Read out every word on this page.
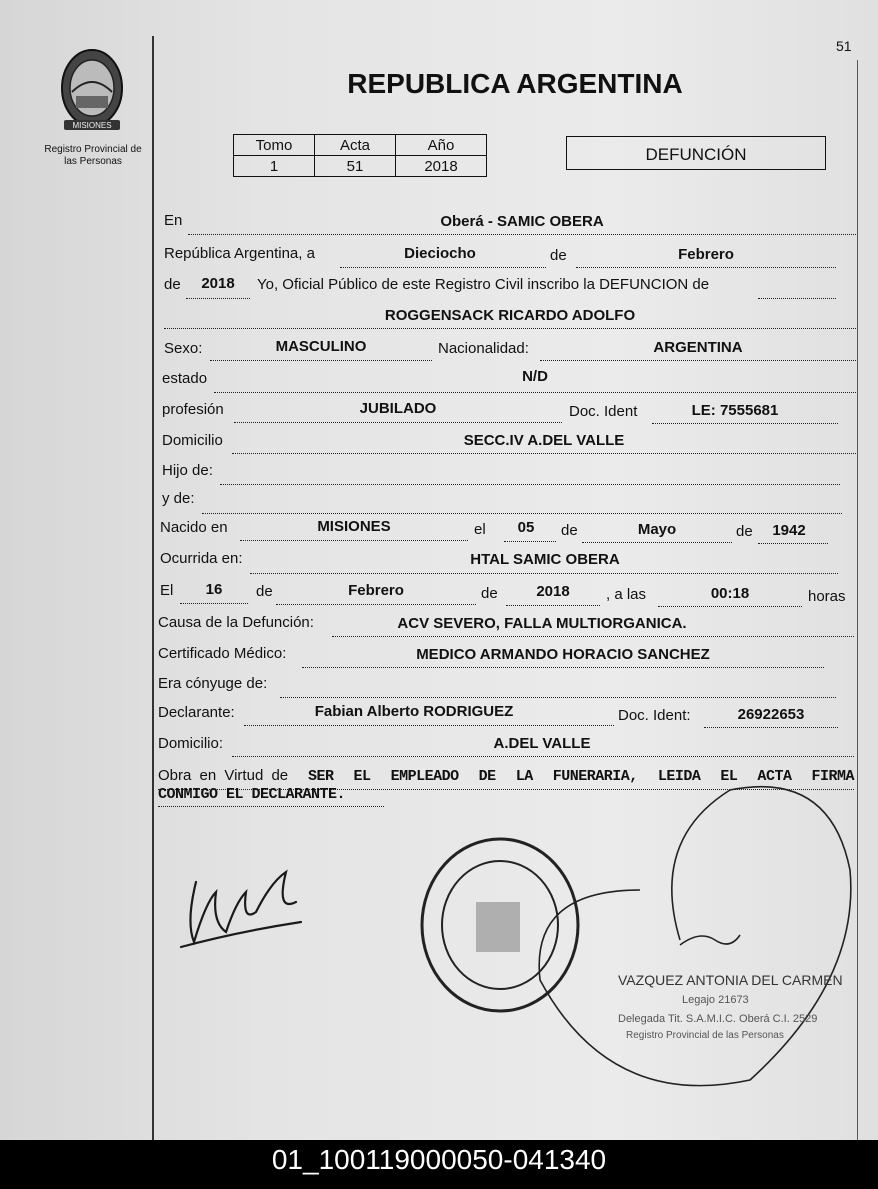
51
MISIONES
Registro Provincial de
las Personas
REPUBLICA ARGENTINA
Tomo	Acta	Año
1	51	2018
DEFUNCIÓN
En	Oberá - SAMIC OBERA
República Argentina, a	Dieciocho	de	Febrero
de	2018	Yo, Oficial Público de este Registro Civil inscribo la DEFUNCION de
ROGGENSACK RICARDO ADOLFO
Sexo:	MASCULINO	Nacionalidad:	ARGENTINA
estado	N/D
profesión	JUBILADO	Doc. Ident	LE: 7555681
Domicilio	SECC.IV A.DEL VALLE
Hijo de:
y de:
Nacido en	MISIONES	el	05	de	Mayo	de	1942
Ocurrida en:	HTAL SAMIC OBERA
El	16	de	Febrero	de	2018	, a las	00:18	horas
Causa de la Defunción:	ACV SEVERO, FALLA MULTIORGANICA.
Certificado Médico:	MEDICO ARMANDO HORACIO SANCHEZ
Era cónyuge de:
Declarante:	Fabian Alberto RODRIGUEZ	Doc. Ident:	26922653
Domicilio:	A.DEL VALLE
Obra en Virtud de SER EL EMPLEADO DE LA FUNERARIA, LEIDA EL ACTA FIRMA
CONMIGO EL DECLARANTE.
VAZQUEZ ANTONIA DEL CARMEN
Legajo 21673
Delegada Tit. S.A.M.I.C. Oberá C.I. 2529
Registro Provincial de las Personas
01_100119000050-041340
